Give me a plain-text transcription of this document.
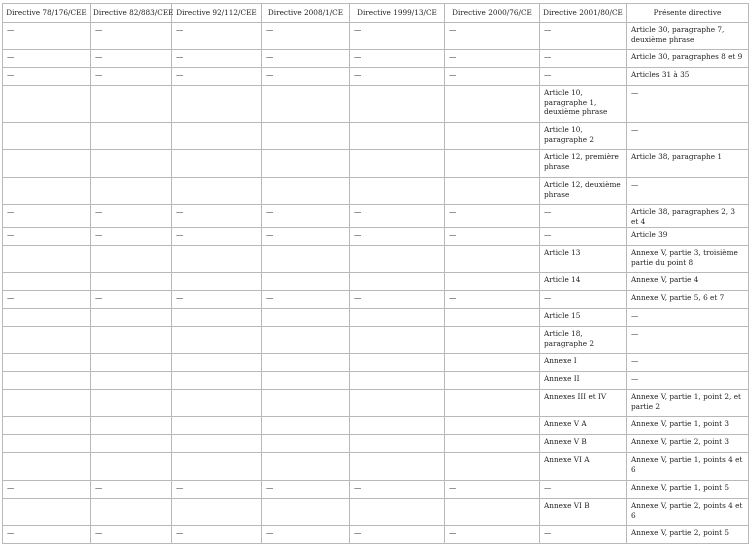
Directive 78/176/CEE	Directive 82/883/CEE	Directive 92/112/CEE	Directive 2008/1/CE	Directive 1999/13/CE	Directive 2000/76/CE	Directive 2001/80/CE	Présente directive
—	—	—	—	—	—	—	Article 30, paragraphe 7, deuxième phrase
—	—	—	—	—	—	—	Article 30, paragraphes 8 et 9
—	—	—	—	—	—	—	Articles 31 à 35
						Article 10, paragraphe 1, deuxième phrase	—
						Article 10, paragraphe 2	—
						Article 12, première phrase	Article 38, paragraphe 1
						Article 12, deuxième phrase	—
—	—	—	—	—	—	—	Article 38, paragraphes 2, 3 et 4
—	—	—	—	—	—	—	Article 39
						Article 13	Annexe V, partie 3, troisième partie du point 8
						Article 14	Annexe V, partie 4
—	—	—	—	—	—	—	Annexe V, partie 5, 6 et 7
						Article 15	—
						Article 18, paragraphe 2	—
						Annexe I	—
						Annexe II	—
						Annexes III et IV	Annexe V, partie 1, point 2, et partie 2
						Annexe V A	Annexe V, partie 1, point 3
						Annexe V B	Annexe V, partie 2, point 3
						Annexe VI A	Annexe V, partie 1, points 4 et 6
—	—	—	—	—	—	—	Annexe V, partie 1, point 5
						Annexe VI B	Annexe V, partie 2, points 4 et 6
—	—	—	—	—	—	—	Annexe V, partie 2, point 5
